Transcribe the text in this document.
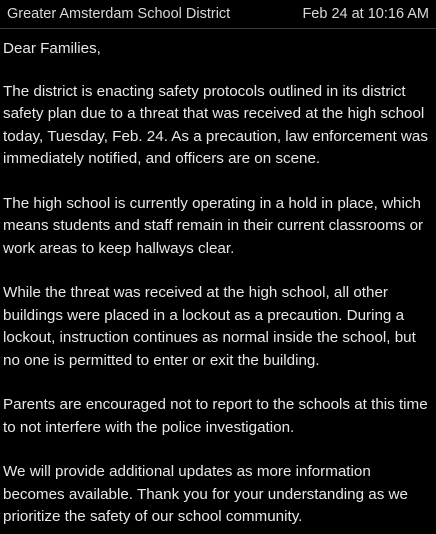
Greater Amsterdam School District	Feb 24 at 10:16 AM

Dear Families,

The district is enacting safety protocols outlined in its district safety plan due to a threat that was received at the high school today, Tuesday, Feb. 24. As a precaution, law enforcement was immediately notified, and officers are on scene.

The high school is currently operating in a hold in place, which means students and staff remain in their current classrooms or work areas to keep hallways clear.

While the threat was received at the high school, all other buildings were placed in a lockout as a precaution. During a lockout, instruction continues as normal inside the school, but no one is permitted to enter or exit the building.

Parents are encouraged not to report to the schools at this time to not interfere with the police investigation.

We will provide additional updates as more information becomes available. Thank you for your understanding as we prioritize the safety of our school community.
